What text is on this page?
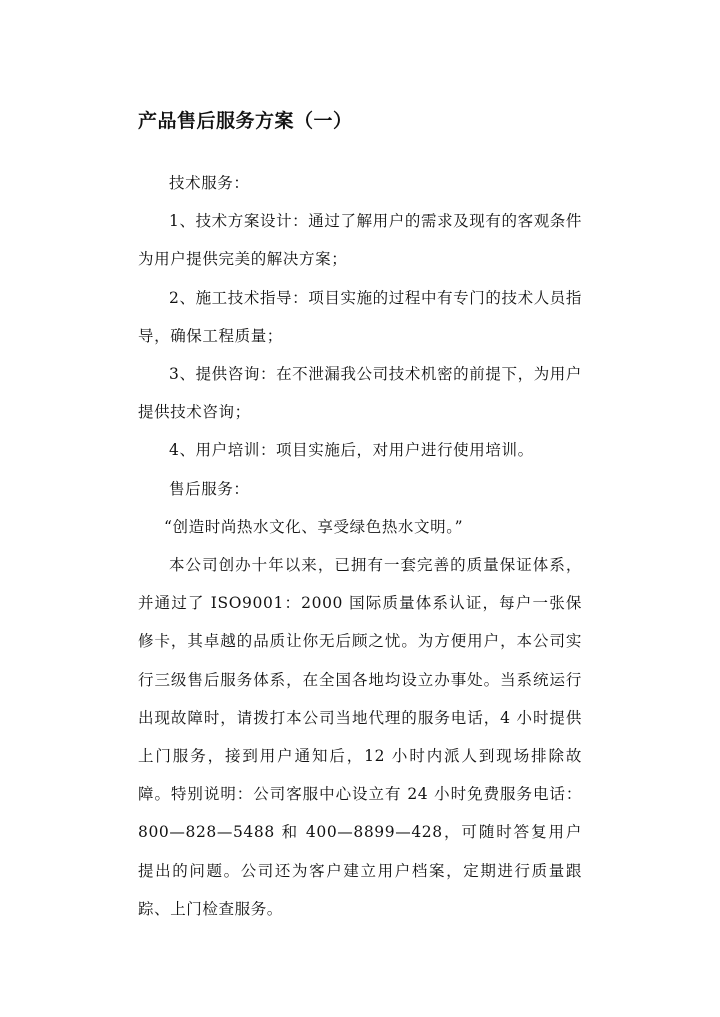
产品售后服务方案（一）

技术服务：

1、技术方案设计：通过了解用户的需求及现有的客观条件为用户提供完美的解决方案；

2、施工技术指导：项目实施的过程中有专门的技术人员指导，确保工程质量；

3、提供咨询：在不泄漏我公司技术机密的前提下，为用户提供技术咨询；

4、用户培训：项目实施后，对用户进行使用培训。

售后服务：

“创造时尚热水文化、享受绿色热水文明。”

本公司创办十年以来，已拥有一套完善的质量保证体系，并通过了 ISO9001：2000 国际质量体系认证，每户一张保修卡，其卓越的品质让你无后顾之忧。为方便用户，本公司实行三级售后服务体系，在全国各地均设立办事处。当系统运行出现故障时，请拨打本公司当地代理的服务电话，4 小时提供上门服务，接到用户通知后，12 小时内派人到现场排除故障。特别说明：公司客服中心设立有 24 小时免费服务电话：800—828—5488 和 400—8899—428，可随时答复用户提出的问题。公司还为客户建立用户档案，定期进行质量跟踪、上门检查服务。
